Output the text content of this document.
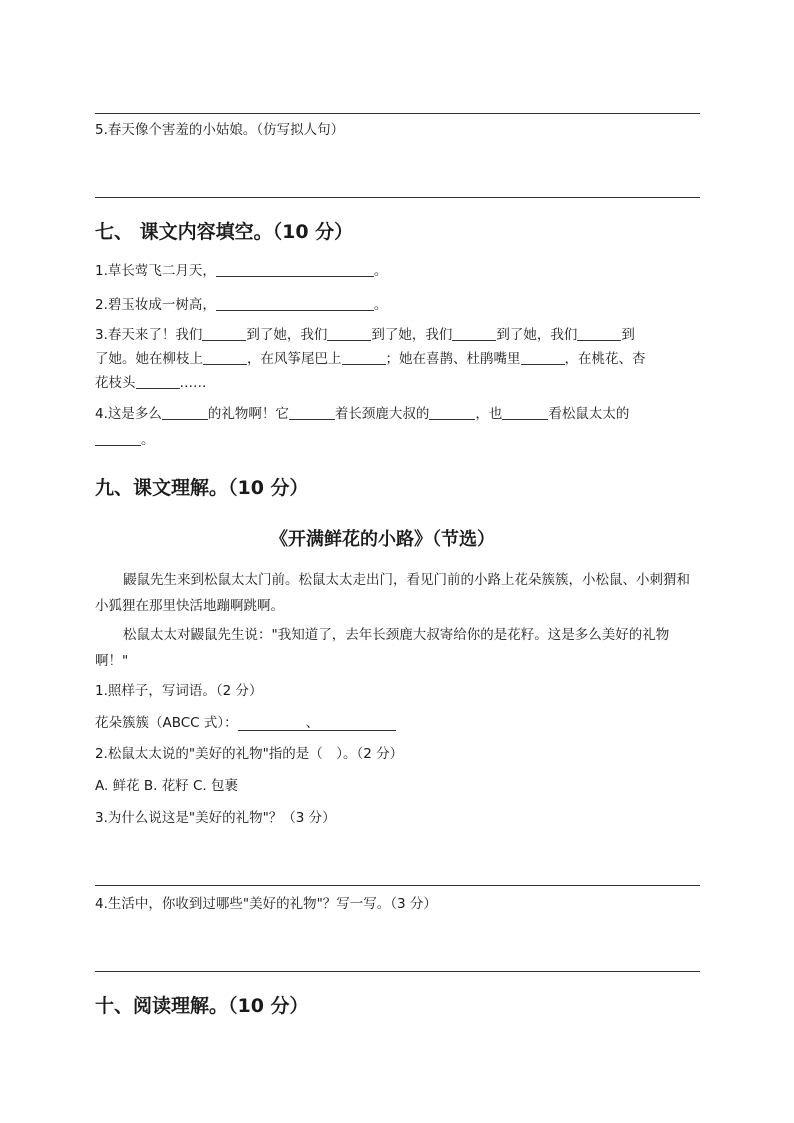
5.春天像个害羞的小姑娘。（仿写拟人句）
七、 课文内容填空。（10 分）
1.草长莺飞二月天，	。
2.碧玉妆成一树高，	。
3.春天来了！我们	到了她，我们	到了她，我们	到了她，我们	到
了她。她在柳枝上	，在风筝尾巴上	；她在喜鹊、杜鹃嘴里	，在桃花、杏
花枝头	……
4.这是多么	的礼物啊！它	着长颈鹿大叔的	，也	看松鼠太太的
。
九、课文理解。（10 分）
《开满鲜花的小路》（节选）
鼹鼠先生来到松鼠太太门前。松鼠太太走出门，看见门前的小路上花朵簇簇，小松鼠、小刺猬和小狐狸在那里快活地蹦啊跳啊。
松鼠太太对鼹鼠先生说："我知道了，去年长颈鹿大叔寄给你的是花籽。这是多么美好的礼物啊！"
1.照样子，写词语。（2 分）
花朵簇簇（ABCC 式）：	、
2.松鼠太太说的"美好的礼物"指的是（　）。（2 分）
A. 鲜花 B. 花籽 C. 包裹
3.为什么说这是"美好的礼物"？（3 分）
4.生活中，你收到过哪些"美好的礼物"？写一写。（3 分）
十、阅读理解。（10 分）
